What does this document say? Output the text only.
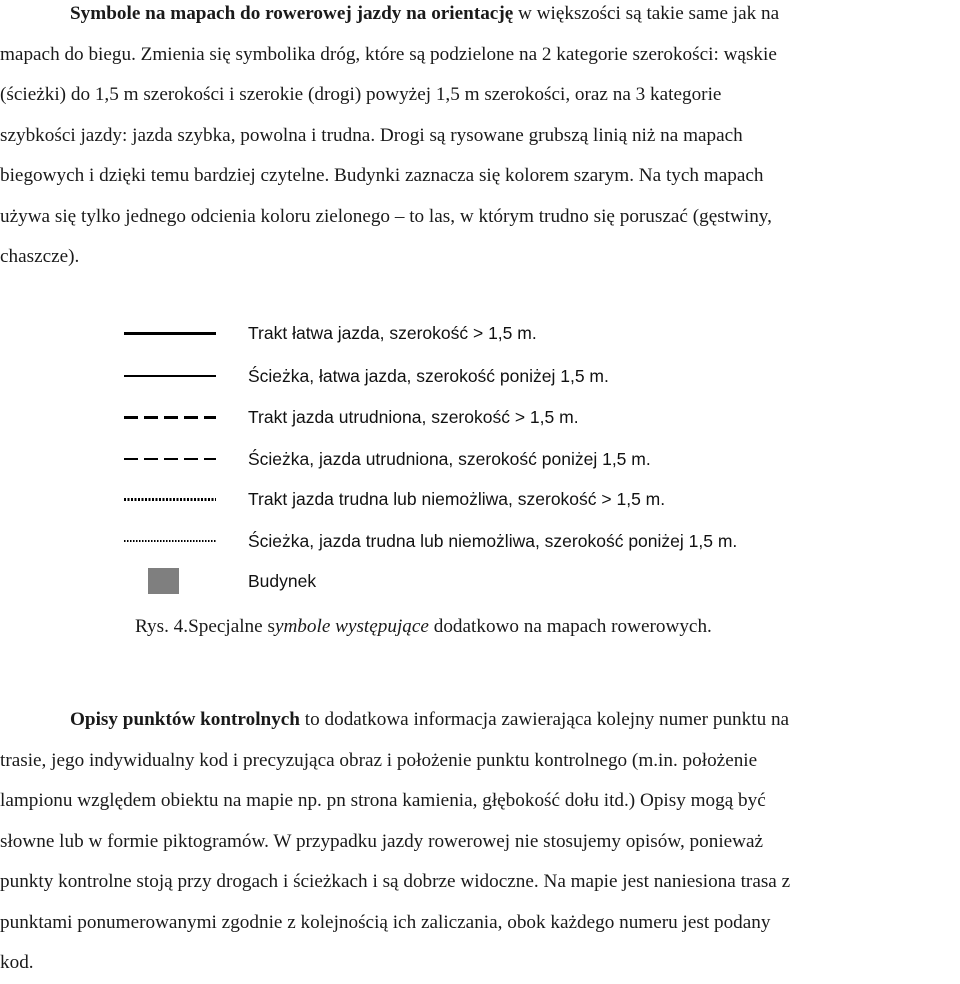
Symbole na mapach do rowerowej jazdy na orientację w większości są takie same jak na
mapach do biegu. Zmienia się symbolika dróg, które są podzielone na 2 kategorie szerokości: wąskie
(ścieżki) do 1,5 m szerokości i szerokie (drogi) powyżej 1,5 m szerokości, oraz na 3 kategorie
szybkości jazdy: jazda szybka, powolna i trudna. Drogi są rysowane grubszą linią niż na mapach
biegowych i dzięki temu bardziej czytelne. Budynki zaznacza się kolorem szarym. Na tych mapach
używa się tylko jednego odcienia koloru zielonego – to las, w którym trudno się poruszać (gęstwiny,
chaszcze).
Trakt łatwa jazda, szerokość > 1,5 m.
Ścieżka, łatwa jazda, szerokość poniżej 1,5 m.
Trakt jazda utrudniona, szerokość > 1,5 m.
Ścieżka, jazda utrudniona, szerokość poniżej 1,5 m.
Trakt jazda trudna lub niemożliwa, szerokość > 1,5 m.
Ścieżka, jazda trudna lub niemożliwa, szerokość poniżej 1,5 m.
Budynek
Rys. 4.Specjalne symbole występujące dodatkowo na mapach rowerowych.
Opisy punktów kontrolnych to dodatkowa informacja zawierająca kolejny numer punktu na
trasie, jego indywidualny kod i precyzująca obraz i położenie punktu kontrolnego (m.in. położenie
lampionu względem obiektu na mapie np. pn strona kamienia, głębokość dołu itd.) Opisy mogą być
słowne lub w formie piktogramów. W przypadku jazdy rowerowej nie stosujemy opisów, ponieważ
punkty kontrolne stoją przy drogach i ścieżkach i są dobrze widoczne. Na mapie jest naniesiona trasa z
punktami ponumerowanymi zgodnie z kolejnością ich zaliczania, obok każdego numeru jest podany
kod.
